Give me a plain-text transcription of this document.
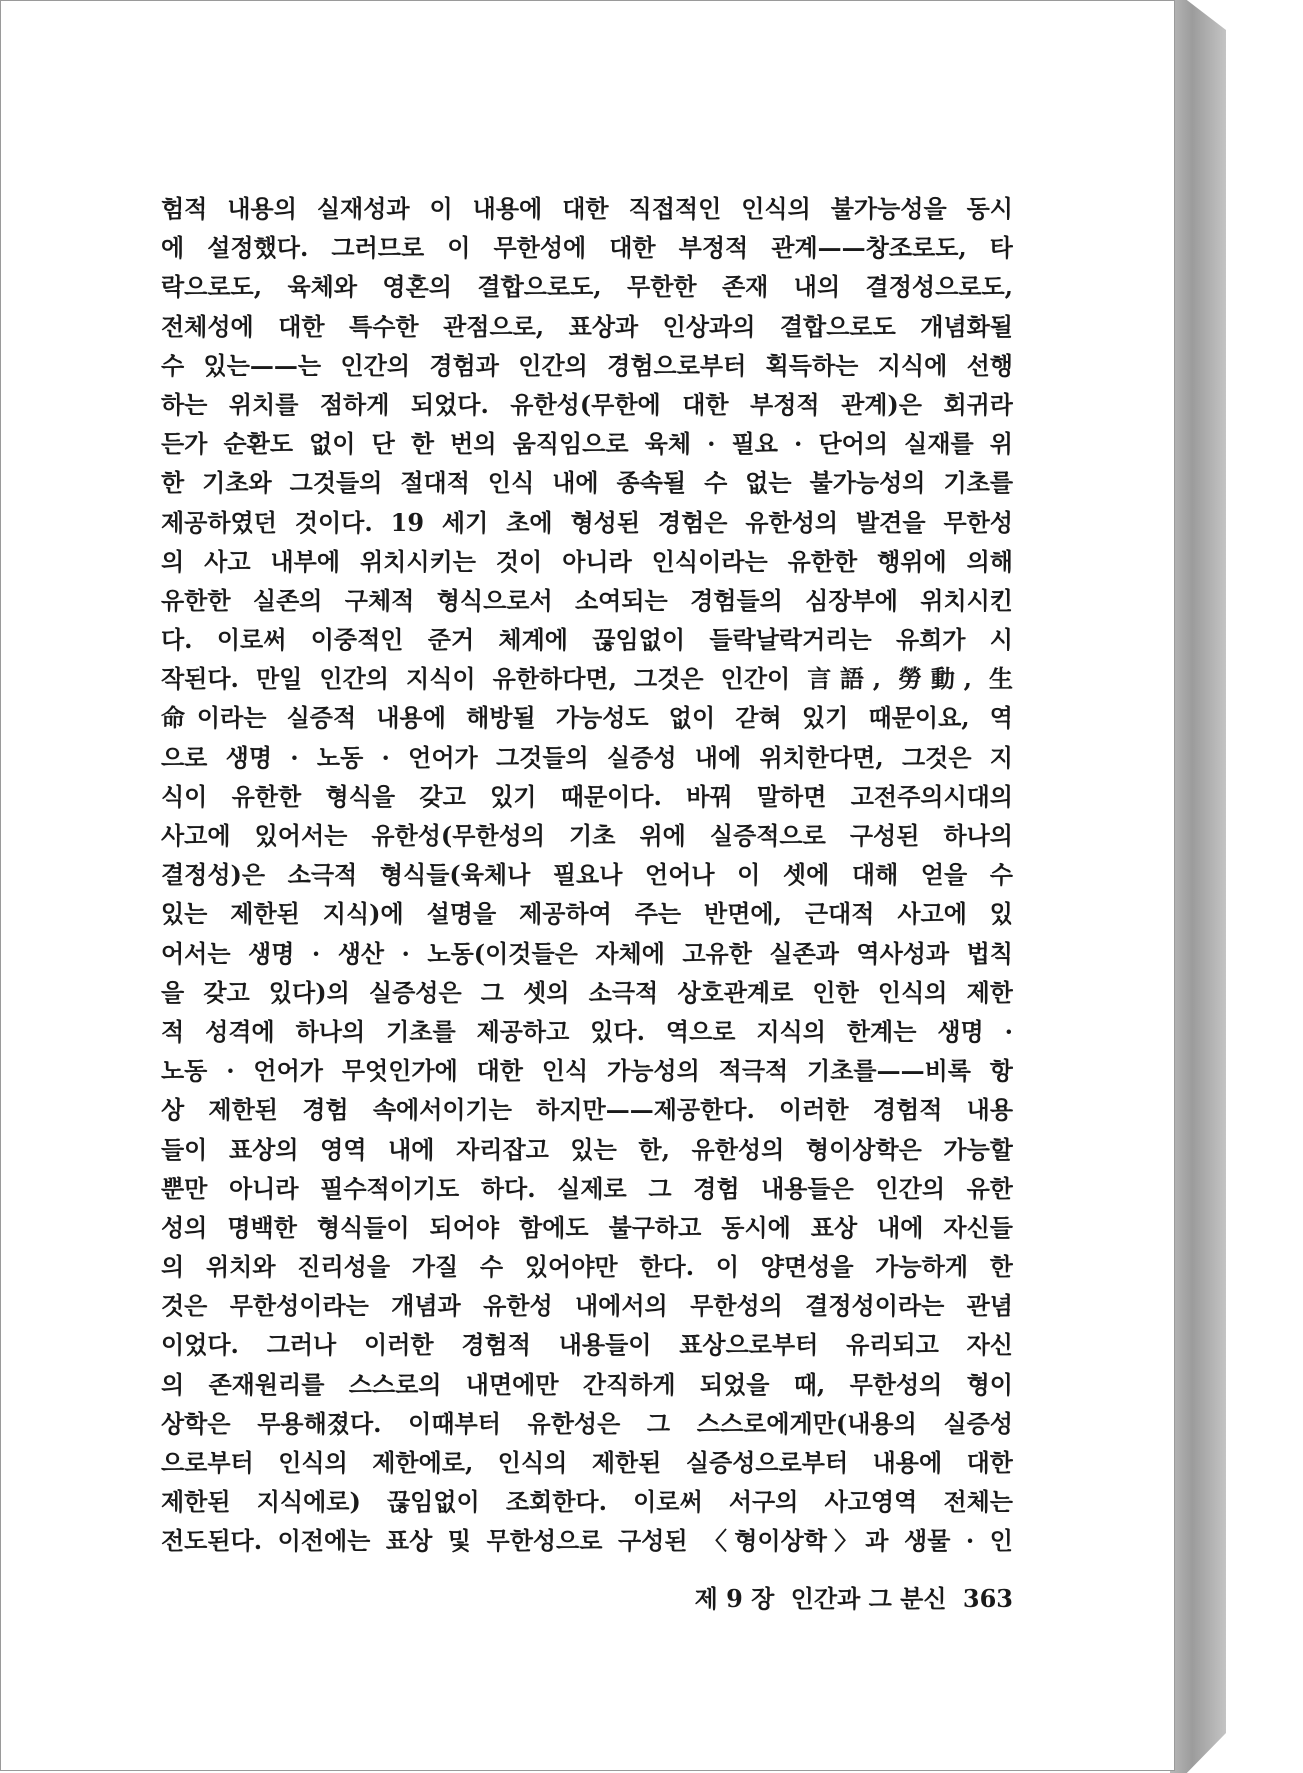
험적 내용의 실재성과 이 내용에 대한 직접적인 인식의 불가능성을 동시
에 설정했다. 그러므로 이 무한성에 대한 부정적 관계——창조로도, 타
락으로도, 육체와 영혼의 결합으로도, 무한한 존재 내의 결정성으로도,
전체성에 대한 특수한 관점으로, 표상과 인상과의 결합으로도 개념화될
수 있는——는 인간의 경험과 인간의 경험으로부터 획득하는 지식에 선행
하는 위치를 점하게 되었다. 유한성(무한에 대한 부정적 관계)은 회귀라
든가 순환도 없이 단 한 번의 움직임으로 육체 · 필요 · 단어의 실재를 위
한 기초와 그것들의 절대적 인식 내에 종속될 수 없는 불가능성의 기초를
제공하였던 것이다. 19 세기 초에 형성된 경험은 유한성의 발견을 무한성
의 사고 내부에 위치시키는 것이 아니라 인식이라는 유한한 행위에 의해
유한한 실존의 구체적 형식으로서 소여되는 경험들의 심장부에 위치시킨
다. 이로써 이중적인 준거 체계에 끊임없이 들락날락거리는 유희가 시
작된다. 만일 인간의 지식이 유한하다면, 그것은 인간이 言語, 勞動, 生
命이라는 실증적 내용에 해방될 가능성도 없이 갇혀 있기 때문이요, 역
으로 생명 · 노동 · 언어가 그것들의 실증성 내에 위치한다면, 그것은 지
식이 유한한 형식을 갖고 있기 때문이다. 바꿔 말하면 고전주의시대의
사고에 있어서는 유한성(무한성의 기초 위에 실증적으로 구성된 하나의
결정성)은 소극적 형식들(육체나 필요나 언어나 이 셋에 대해 얻을 수
있는 제한된 지식)에 설명을 제공하여 주는 반면에, 근대적 사고에 있
어서는 생명 · 생산 · 노동(이것들은 자체에 고유한 실존과 역사성과 법칙
을 갖고 있다)의 실증성은 그 셋의 소극적 상호관계로 인한 인식의 제한
적 성격에 하나의 기초를 제공하고 있다. 역으로 지식의 한계는 생명 ·
노동 · 언어가 무엇인가에 대한 인식 가능성의 적극적 기초를——비록 항
상 제한된 경험 속에서이기는 하지만——제공한다. 이러한 경험적 내용
들이 표상의 영역 내에 자리잡고 있는 한, 유한성의 형이상학은 가능할
뿐만 아니라 필수적이기도 하다. 실제로 그 경험 내용들은 인간의 유한
성의 명백한 형식들이 되어야 함에도 불구하고 동시에 표상 내에 자신들
의 위치와 진리성을 가질 수 있어야만 한다. 이 양면성을 가능하게 한
것은 무한성이라는 개념과 유한성 내에서의 무한성의 결정성이라는 관념
이었다. 그러나 이러한 경험적 내용들이 표상으로부터 유리되고 자신
의 존재원리를 스스로의 내면에만 간직하게 되었을 때, 무한성의 형이
상학은 무용해졌다. 이때부터 유한성은 그 스스로에게만(내용의 실증성
으로부터 인식의 제한에로, 인식의 제한된 실증성으로부터 내용에 대한
제한된 지식에로) 끊임없이 조회한다. 이로써 서구의 사고영역 전체는
전도된다. 이전에는 표상 및 무한성으로 구성된 〈형이상학〉과 생물 · 인
제 9 장 인간과 그 분신 363
